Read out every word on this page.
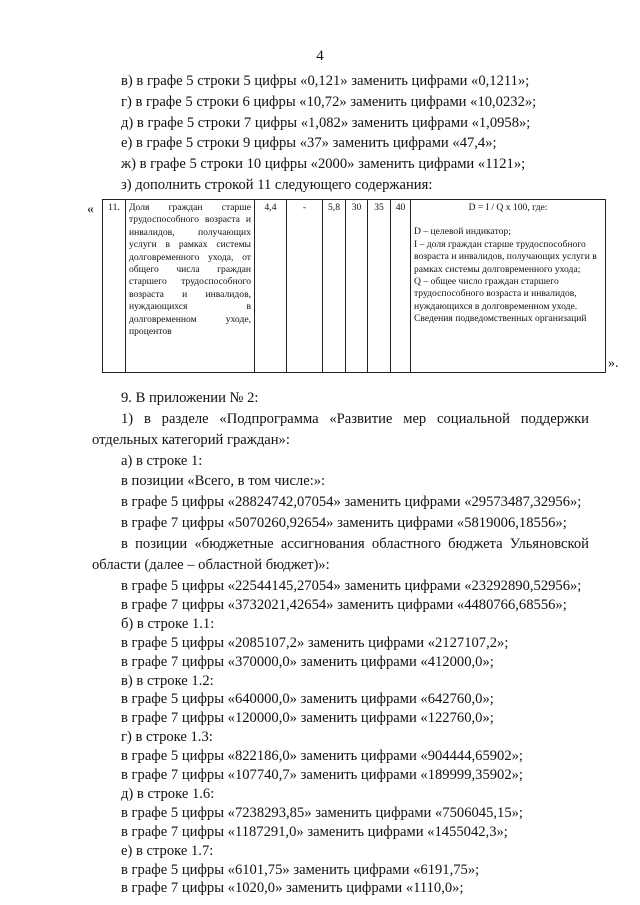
4
в) в графе 5 строки 5 цифры «0,121» заменить цифрами «0,1211»;
г) в графе 5 строки 6 цифры «10,72» заменить цифрами «10,0232»;
д) в графе 5 строки 7 цифры «1,082» заменить цифрами «1,0958»;
е) в графе 5 строки 9 цифры «37» заменить цифрами «47,4»;
ж) в графе 5 строки 10 цифры «2000» заменить цифрами «1121»;
з) дополнить строкой 11 следующего содержания:
« 11.	Доля граждан старше трудоспособного возраста и инвалидов, получающих услуги в рамках системы долговременного ухода, от общего числа граждан старшего трудоспособного возраста и инвалидов, нуждающихся в долговременном уходе, процентов	4,4	-	5,8	30	35	40	D = I / Q x 100, где:
D – целевой индикатор;
I – доля граждан старше трудоспособного возраста и инвалидов, получающих услуги в рамках системы долговременного ухода;
Q – общее число граждан старшего трудоспособного возраста и инвалидов, нуждающихся в долговременном уходе.
Сведения подведомственных организаций
».
9. В приложении № 2:
1) в разделе «Подпрограмма «Развитие мер социальной поддержки
отдельных категорий граждан»:
а) в строке 1:
в позиции «Всего, в том числе:»:
в графе 5 цифры «28824742,07054» заменить цифрами «29573487,32956»;
в графе 7 цифры «5070260,92654» заменить цифрами «5819006,18556»;
в позиции «бюджетные ассигнования областного бюджета Ульяновской
области (далее – областной бюджет)»:
в графе 5 цифры «22544145,27054» заменить цифрами «23292890,52956»;
в графе 7 цифры «3732021,42654» заменить цифрами «4480766,68556»;
б) в строке 1.1:
в графе 5 цифры «2085107,2» заменить цифрами «2127107,2»;
в графе 7 цифры «370000,0» заменить цифрами «412000,0»;
в) в строке 1.2:
в графе 5 цифры «640000,0» заменить цифрами «642760,0»;
в графе 7 цифры «120000,0» заменить цифрами «122760,0»;
г) в строке 1.3:
в графе 5 цифры «822186,0» заменить цифрами «904444,65902»;
в графе 7 цифры «107740,7» заменить цифрами «189999,35902»;
д) в строке 1.6:
в графе 5 цифры «7238293,85» заменить цифрами «7506045,15»;
в графе 7 цифры «1187291,0» заменить цифрами «1455042,3»;
е) в строке 1.7:
в графе 5 цифры «6101,75» заменить цифрами «6191,75»;
в графе 7 цифры «1020,0» заменить цифрами «1110,0»;
